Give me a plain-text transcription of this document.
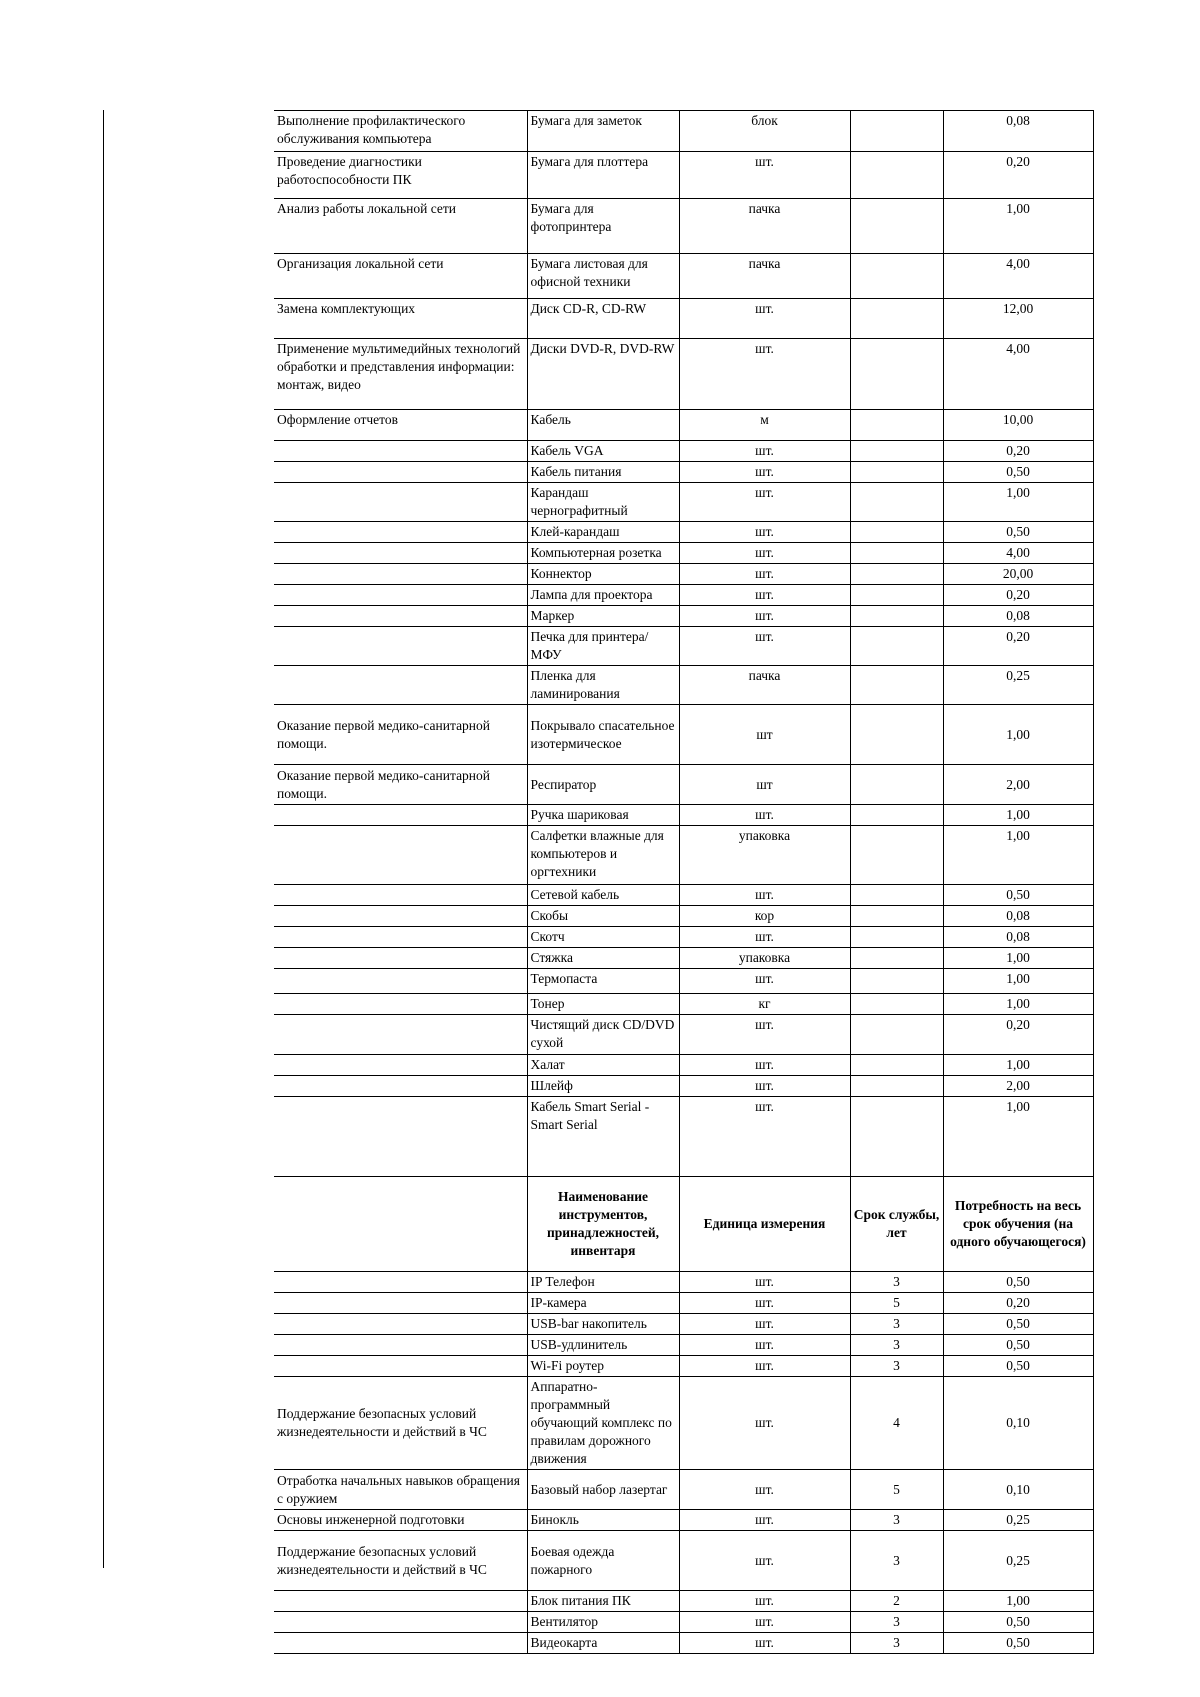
Выполнение профилактического обслуживания компьютера	Бумага для заметок	блок		0,08
Проведение диагностики работоспособности ПК	Бумага для плоттера	шт.		0,20
Анализ работы локальной сети	Бумага для фотопринтера	пачка		1,00
Организация локальной сети	Бумага листовая для офисной техники	пачка		4,00
Замена комплектующих	Диск CD-R, CD-RW	шт.		12,00
Применение мультимедийных технологий обработки и представления информации: монтаж, видео	Диски DVD-R, DVD-RW	шт.		4,00
Оформление отчетов	Кабель	м		10,00
	Кабель VGA	шт.		0,20
	Кабель питания	шт.		0,50
	Карандаш чернографитный	шт.		1,00
	Клей-карандаш	шт.		0,50
	Компьютерная розетка	шт.		4,00
	Коннектор	шт.		20,00
	Лампа для проектора	шт.		0,20
	Маркер	шт.		0,08
	Печка для принтера/МФУ	шт.		0,20
	Пленка для ламинирования	пачка		0,25
Оказание первой медико-санитарной помощи.	Покрывало спасательное изотермическое	шт		1,00
Оказание первой медико-санитарной помощи.	Респиратор	шт		2,00
	Ручка шариковая	шт.		1,00
	Салфетки влажные для компьютеров и оргтехники	упаковка		1,00
	Сетевой кабель	шт.		0,50
	Скобы	кор		0,08
	Скотч	шт.		0,08
	Стяжка	упаковка		1,00
	Термопаста	шт.		1,00
	Тонер	кг		1,00
	Чистящий диск CD/DVD сухой	шт.		0,20
	Халат	шт.		1,00
	Шлейф	шт.		2,00
	Кабель Smart Serial - Smart Serial	шт.		1,00
	Наименование инструментов, принадлежностей, инвентаря	Единица измерения	Срок службы, лет	Потребность на весь срок обучения (на одного обучающегося)
	IP Телефон	шт.	3	0,50
	IP-камера	шт.	5	0,20
	USB-bar накопитель	шт.	3	0,50
	USB-удлинитель	шт.	3	0,50
	Wi-Fi роутер	шт.	3	0,50
Поддержание безопасных условий жизнедеятельности и действий в ЧС	Аппаратно-программный обучающий комплекс по правилам дорожного движения	шт.	4	0,10
Отработка начальных навыков обращения с оружием	Базовый набор лазертаг	шт.	5	0,10
Основы инженерной подготовки	Бинокль	шт.	3	0,25
Поддержание безопасных условий жизнедеятельности и действий в ЧС	Боевая одежда пожарного	шт.	3	0,25
	Блок питания ПК	шт.	2	1,00
	Вентилятор	шт.	3	0,50
	Видеокарта	шт.	3	0,50
